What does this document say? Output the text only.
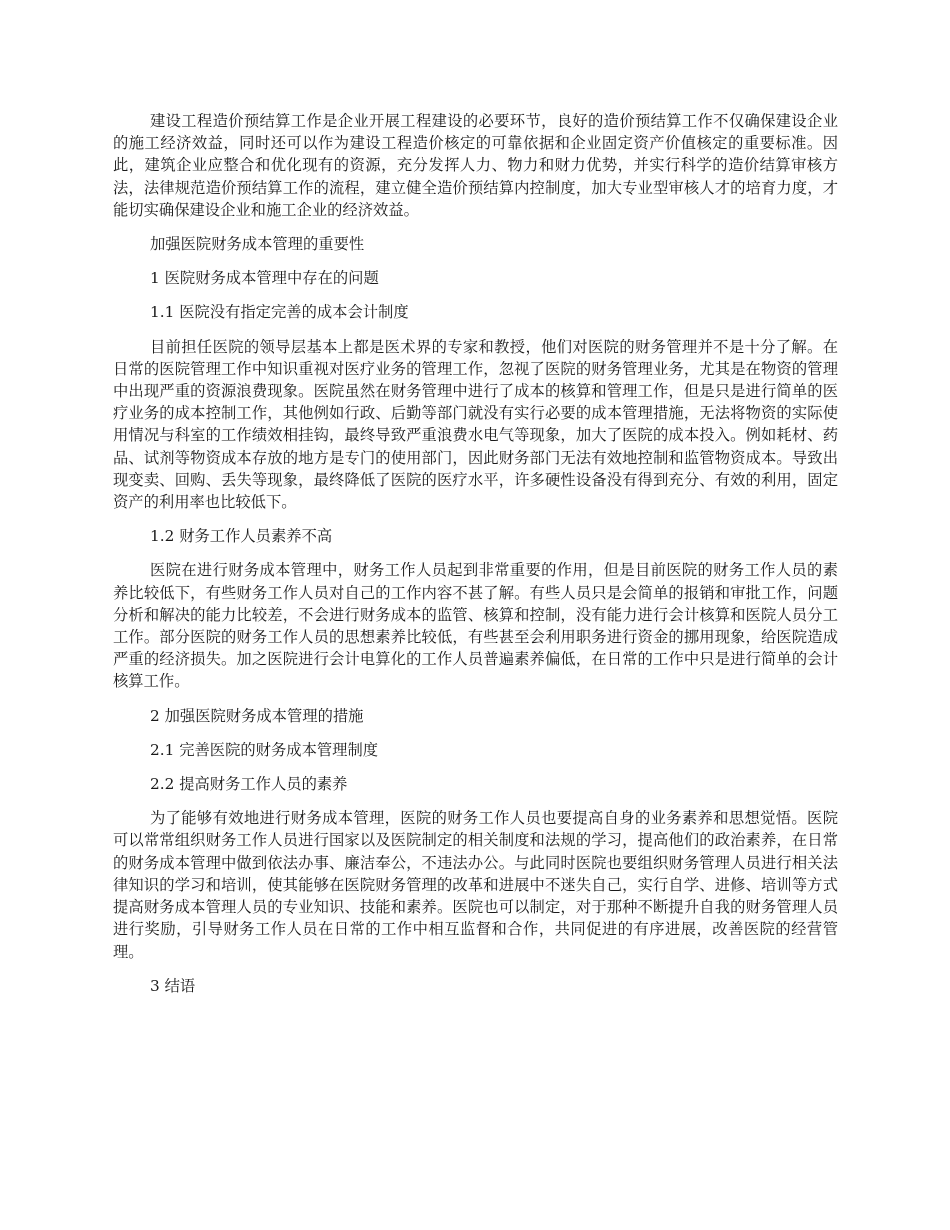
建设工程造价预结算工作是企业开展工程建设的必要环节，良好的造价预结算工作不仅确保建设企业的施工经济效益，同时还可以作为建设工程造价核定的可靠依据和企业固定资产价值核定的重要标准。因此，建筑企业应整合和优化现有的资源，充分发挥人力、物力和财力优势，并实行科学的造价结算审核方法，法律规范造价预结算工作的流程，建立健全造价预结算内控制度，加大专业型审核人才的培育力度，才能切实确保建设企业和施工企业的经济效益。

加强医院财务成本管理的重要性

1 医院财务成本管理中存在的问题

1.1 医院没有指定完善的成本会计制度

目前担任医院的领导层基本上都是医术界的专家和教授，他们对医院的财务管理并不是十分了解。在日常的医院管理工作中知识重视对医疗业务的管理工作，忽视了医院的财务管理业务，尤其是在物资的管理中出现严重的资源浪费现象。医院虽然在财务管理中进行了成本的核算和管理工作，但是只是进行简单的医疗业务的成本控制工作，其他例如行政、后勤等部门就没有实行必要的成本管理措施，无法将物资的实际使用情况与科室的工作绩效相挂钩，最终导致严重浪费水电气等现象，加大了医院的成本投入。例如耗材、药品、试剂等物资成本存放的地方是专门的使用部门，因此财务部门无法有效地控制和监管物资成本。导致出现变卖、回购、丢失等现象，最终降低了医院的医疗水平，许多硬性设备没有得到充分、有效的利用，固定资产的利用率也比较低下。

1.2 财务工作人员素养不高

医院在进行财务成本管理中，财务工作人员起到非常重要的作用，但是目前医院的财务工作人员的素养比较低下，有些财务工作人员对自己的工作内容不甚了解。有些人员只是会简单的报销和审批工作，问题分析和解决的能力比较差，不会进行财务成本的监管、核算和控制，没有能力进行会计核算和医院人员分工工作。部分医院的财务工作人员的思想素养比较低，有些甚至会利用职务进行资金的挪用现象，给医院造成严重的经济损失。加之医院进行会计电算化的工作人员普遍素养偏低，在日常的工作中只是进行简单的会计核算工作。

2 加强医院财务成本管理的措施

2.1 完善医院的财务成本管理制度

2.2 提高财务工作人员的素养

为了能够有效地进行财务成本管理，医院的财务工作人员也要提高自身的业务素养和思想觉悟。医院可以常常组织财务工作人员进行国家以及医院制定的相关制度和法规的学习，提高他们的政治素养，在日常的财务成本管理中做到依法办事、廉洁奉公，不违法办公。与此同时医院也要组织财务管理人员进行相关法律知识的学习和培训，使其能够在医院财务管理的改革和进展中不迷失自己，实行自学、进修、培训等方式提高财务成本管理人员的专业知识、技能和素养。医院也可以制定，对于那种不断提升自我的财务管理人员进行奖励，引导财务工作人员在日常的工作中相互监督和合作，共同促进的有序进展，改善医院的经营管理。

3 结语
